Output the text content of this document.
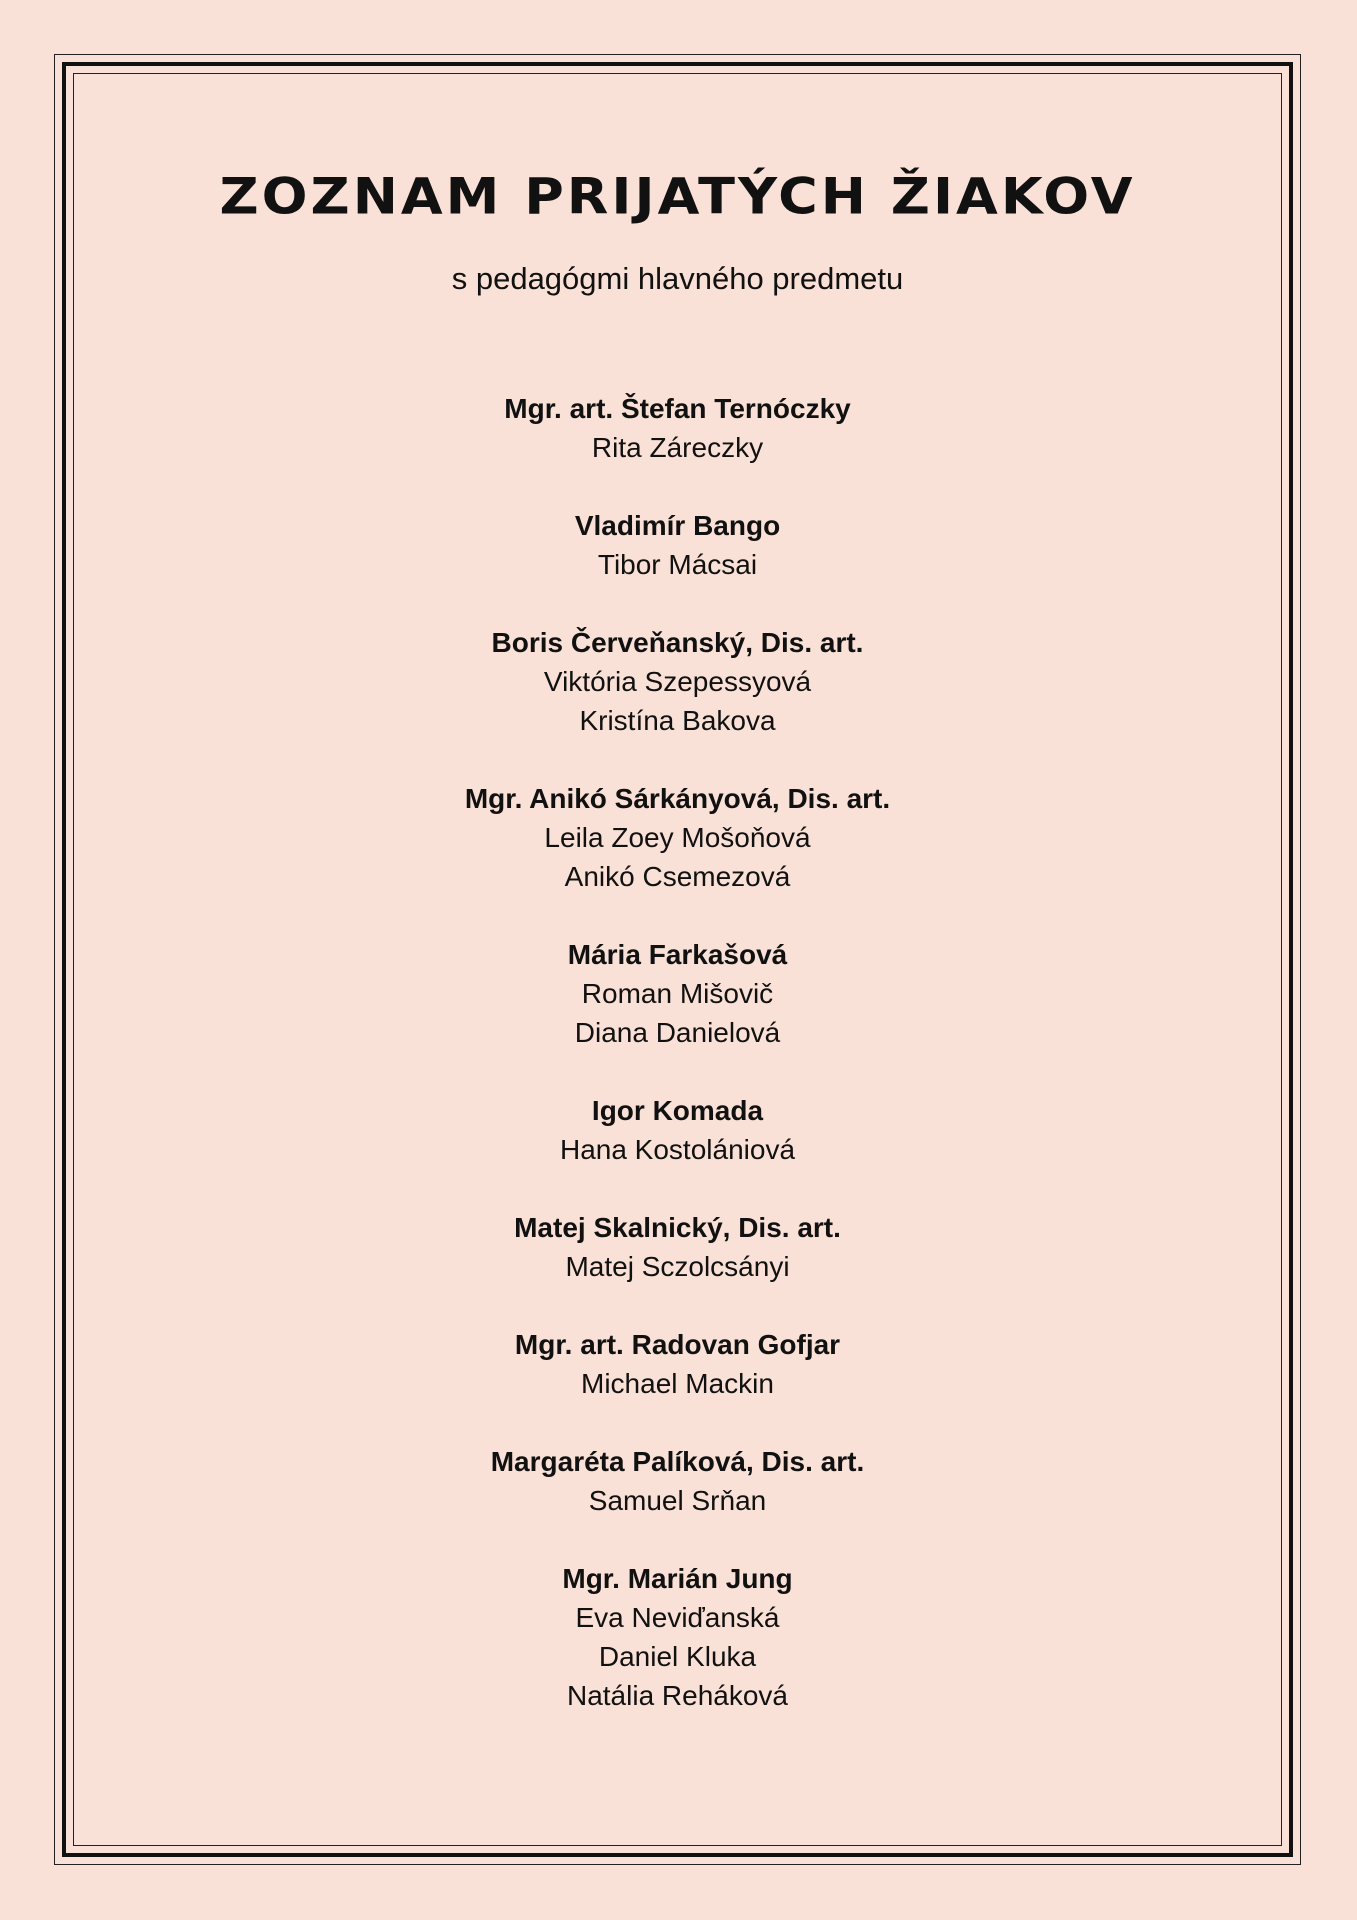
ZOZNAM PRIJATÝCH ŽIAKOV
s pedagógmi hlavného predmetu
Mgr. art. Štefan Ternóczky
Rita Záreczky
Vladimír Bango
Tibor Mácsai
Boris Červeňanský, Dis. art.
Viktória Szepessyová
Kristína Bakova
Mgr. Anikó Sárkányová, Dis. art.
Leila Zoey Mošoňová
Anikó Csemezová
Mária Farkašová
Roman Mišovič
Diana Danielová
Igor Komada
Hana Kostolániová
Matej Skalnický, Dis. art.
Matej Sczolcsányi
Mgr. art. Radovan Gofjar
Michael Mackin
Margaréta Palíková, Dis. art.
Samuel Srňan
Mgr. Marián Jung
Eva Neviďanská
Daniel Kluka
Natália Reháková
